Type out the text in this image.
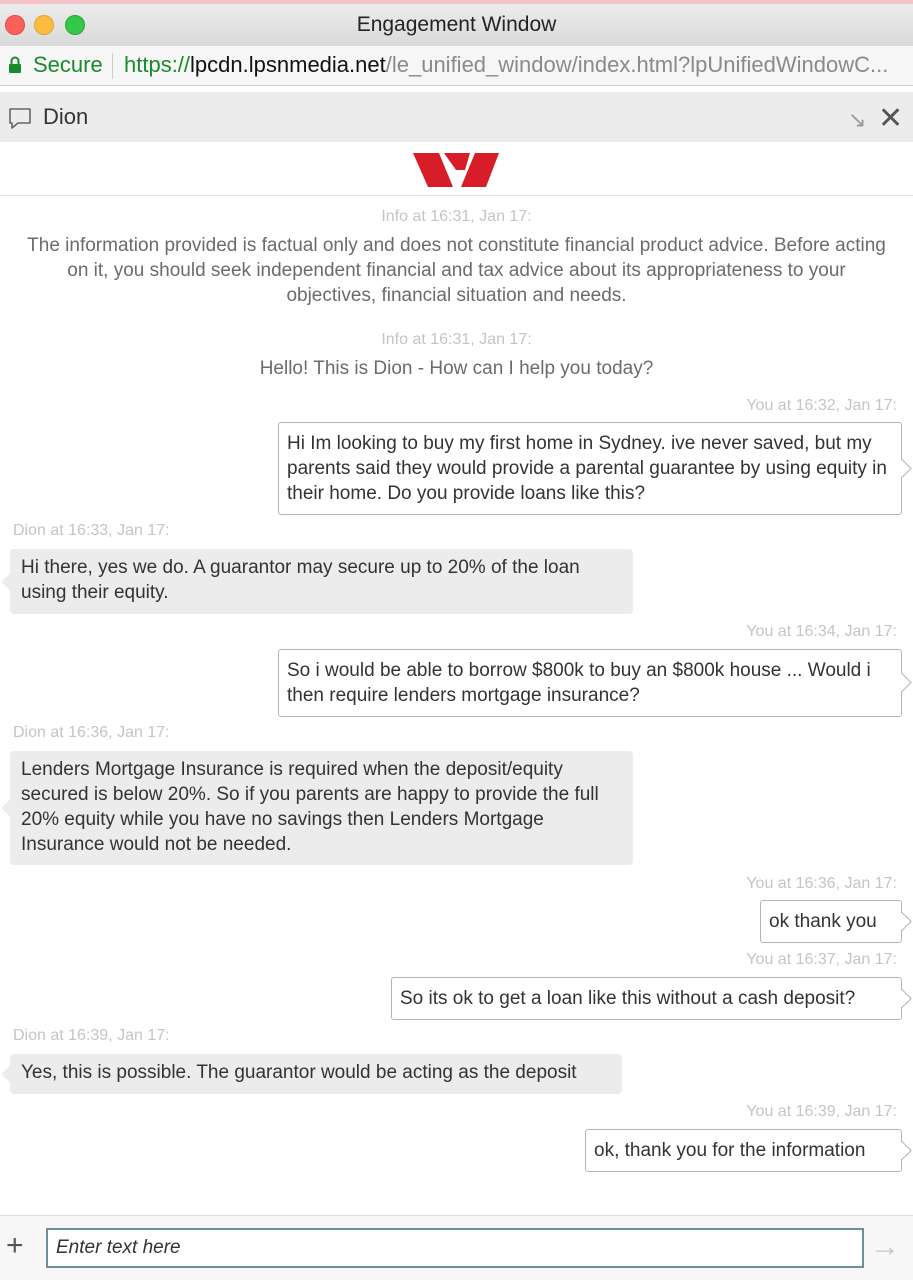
Engagement Window
Secure https://lpcdn.lpsnmedia.net/le_unified_window/index.html?lpUnifiedWindowC...
Dion	↘ ✕
Info at 16:31, Jan 17:
The information provided is factual only and does not constitute financial product advice. Before acting on it, you should seek independent financial and tax advice about its appropriateness to your objectives, financial situation and needs.
Info at 16:31, Jan 17:
Hello! This is Dion - How can I help you today?
You at 16:32, Jan 17:
Hi Im looking to buy my first home in Sydney. ive never saved, but my parents said they would provide a parental guarantee by using equity in their home. Do you provide loans like this?
Dion at 16:33, Jan 17:
Hi there, yes we do. A guarantor may secure up to 20% of the loan using their equity.
You at 16:34, Jan 17:
So i would be able to borrow $800k to buy an $800k house ... Would i then require lenders mortgage insurance?
Dion at 16:36, Jan 17:
Lenders Mortgage Insurance is required when the deposit/equity secured is below 20%. So if you parents are happy to provide the full 20% equity while you have no savings then Lenders Mortgage Insurance would not be needed.
You at 16:36, Jan 17:
ok thank you
You at 16:37, Jan 17:
So its ok to get a loan like this without a cash deposit?
Dion at 16:39, Jan 17:
Yes, this is possible. The guarantor would be acting as the deposit
You at 16:39, Jan 17:
ok, thank you for the information
+
Enter text here	→
